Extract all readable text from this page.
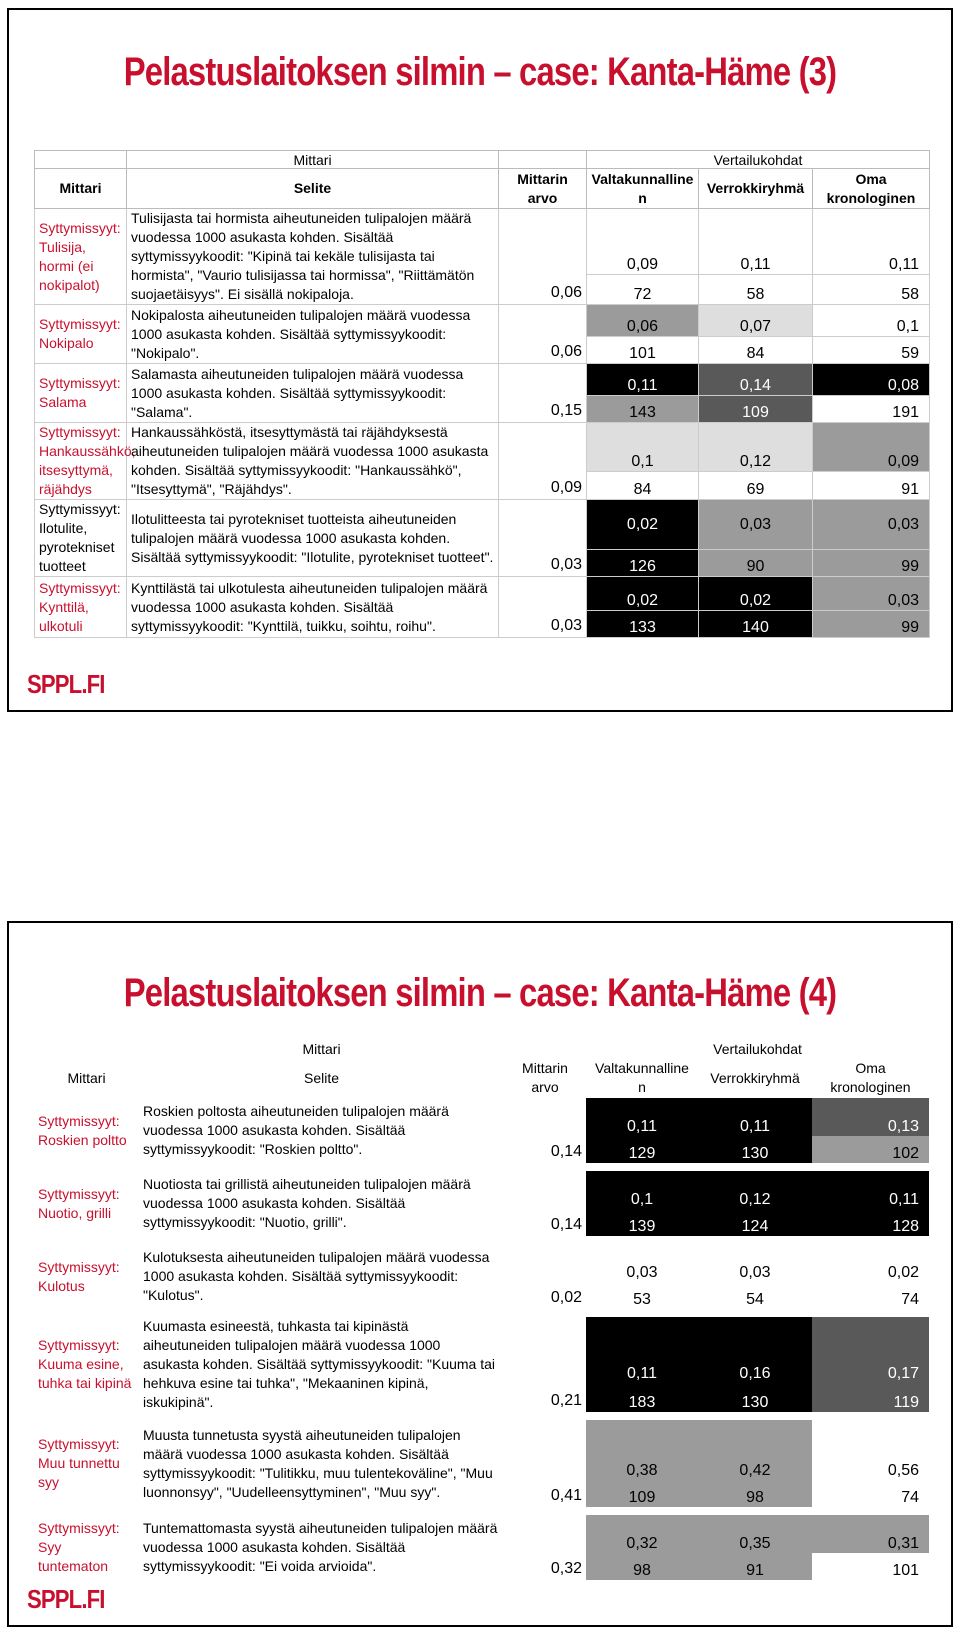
Pelastuslaitoksen silmin – case: Kanta-Häme (3)
	Mittari		Vertailukohdat		
Mittari	Selite	Mittarin arvo	Valtakunnalline n	Verrokkiryhmä	Oma kronologinen
Syttymissyyt: Tulisija, hormi (ei nokipalot)	Tulisijasta tai hormista aiheutuneiden tulipalojen määrä vuodessa 1000 asukasta kohden. Sisältää syttymissyykoodit: "Kipinä tai kekäle tulisijasta tai hormista", "Vaurio tulisijassa tai hormissa", "Riittämätön suojaetäisyys". Ei sisällä nokipaloja.	0,06	0,09	0,11	0,11
			72	58	58
Syttymissyyt: Nokipalo	Nokipalosta aiheutuneiden tulipalojen määrä vuodessa 1000 asukasta kohden. Sisältää syttymissyykoodit: "Nokipalo".	0,06	0,06	0,07	0,1
			101	84	59
Syttymissyyt: Salama	Salamasta aiheutuneiden tulipalojen määrä vuodessa 1000 asukasta kohden. Sisältää syttymissyykoodit: "Salama".	0,15	0,11	0,14	0,08
			143	109	191
Syttymissyyt: Hankaussähkö, itsesyttymä, räjähdys	Hankaussähköstä, itsesyttymästä tai räjähdyksestä aiheutuneiden tulipalojen määrä vuodessa 1000 asukasta kohden. Sisältää syttymissyykoodit: "Hankaussähkö", "Itsesyttymä", "Räjähdys".	0,09	0,1	0,12	0,09
			84	69	91
Syttymissyyt: Ilotulite, pyrotekniset tuotteet	Ilotulitteesta tai pyrotekniset tuotteista aiheutuneiden tulipalojen määrä vuodessa 1000 asukasta kohden. Sisältää syttymissyykoodit: "Ilotulite, pyrotekniset tuotteet".	0,03	0,02	0,03	0,03
			126	90	99
Syttymissyyt: Kynttilä, ulkotuli	Kynttilästä tai ulkotulesta aiheutuneiden tulipalojen määrä vuodessa 1000 asukasta kohden. Sisältää syttymissyykoodit: "Kynttilä, tuikku, soihtu, roihu".	0,03	0,02	0,02	0,03
			133	140	99
SPPL.FI
Pelastuslaitoksen silmin – case: Kanta-Häme (4)
	Mittari		Vertailukohdat		
Mittari	Selite	Mittarin arvo	Valtakunnalline n	Verrokkiryhmä	Oma kronologinen
Syttymissyyt: Roskien poltto	Roskien poltosta aiheutuneiden tulipalojen määrä vuodessa 1000 asukasta kohden. Sisältää syttymissyykoodit: "Roskien poltto".	0,14	0,11	0,11	0,13
			129	130	102

Syttymissyyt: Nuotio, grilli	Nuotiosta tai grillistä aiheutuneiden tulipalojen määrä vuodessa 1000 asukasta kohden. Sisältää syttymissyykoodit: "Nuotio, grilli".	0,14	0,1	0,12	0,11
			139	124	128

Syttymissyyt: Kulotus	Kulotuksesta aiheutuneiden tulipalojen määrä vuodessa 1000 asukasta kohden. Sisältää syttymissyykoodit: "Kulotus".	0,02	0,03	0,03	0,02
			53	54	74

Syttymissyyt: Kuuma esine, tuhka tai kipinä	Kuumasta esineestä, tuhkasta tai kipinästä aiheutuneiden tulipalojen määrä vuodessa 1000 asukasta kohden. Sisältää syttymissyykoodit: "Kuuma tai hehkuva esine tai tuhka", "Mekaaninen kipinä, iskukipinä".	0,21	0,11	0,16	0,17
			183	130	119

Syttymissyyt: Muu tunnettu syy	Muusta tunnetusta syystä aiheutuneiden tulipalojen määrä vuodessa 1000 asukasta kohden. Sisältää syttymissyykoodit: "Tulitikku, muu tulentekoväline", "Muu luonnonsyy", "Uudelleensyttyminen", "Muu syy".	0,41	0,38	0,42	0,56
			109	98	74

Syttymissyyt: Syy tuntematon	Tuntemattomasta syystä aiheutuneiden tulipalojen määrä vuodessa 1000 asukasta kohden. Sisältää syttymissyykoodit: "Ei voida arvioida".	0,32	0,32	0,35	0,31
			98	91	101
SPPL.FI
